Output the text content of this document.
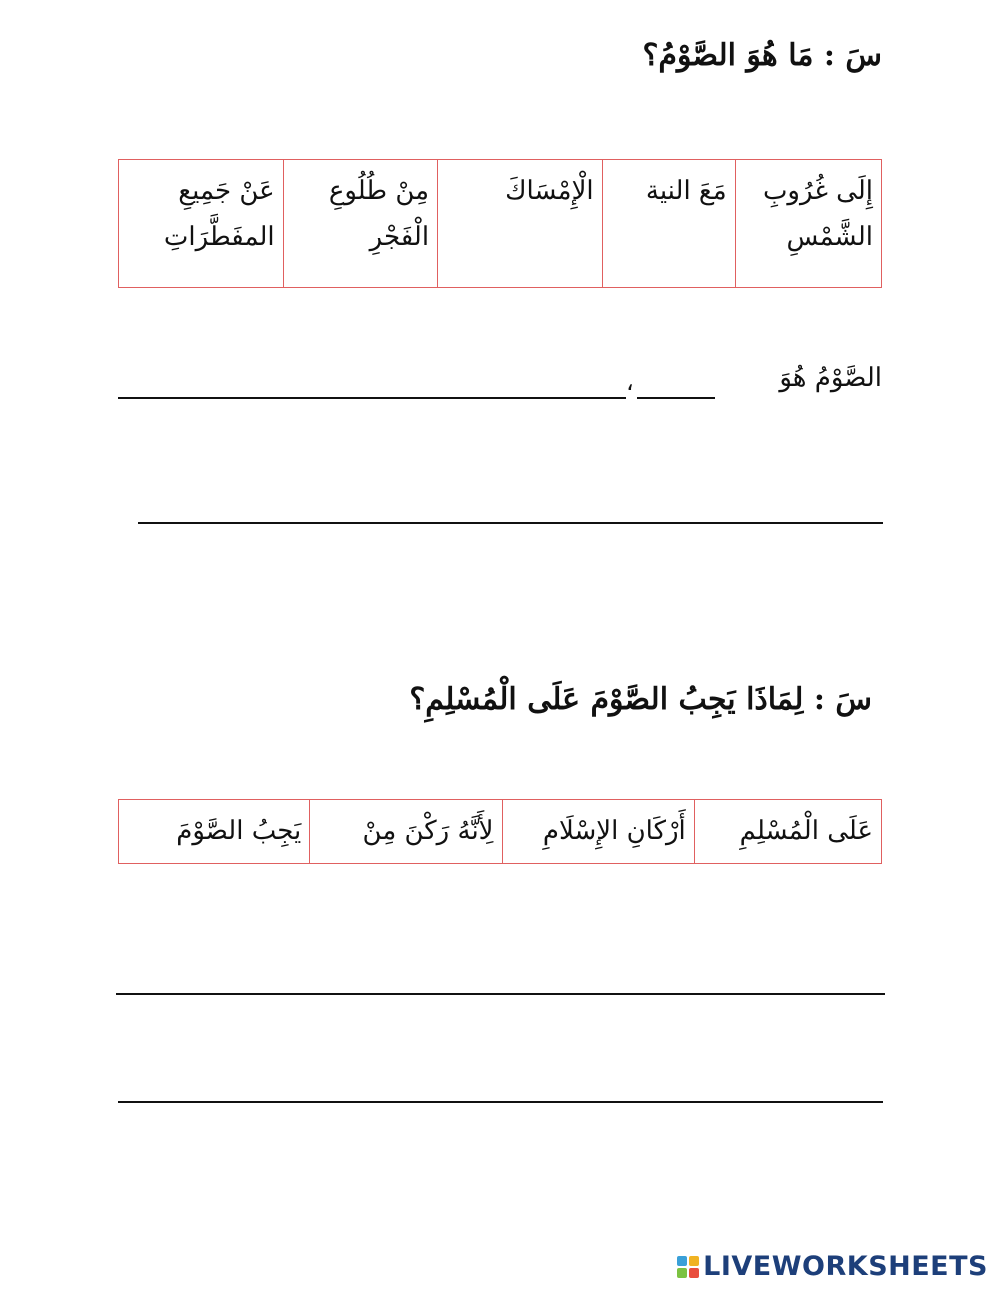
سَ : مَا هُوَ الصَّوْمُ؟
إِلَى غُرُوبِ الشَّمْسِ	مَعَ النية	الْإِمْسَاكَ	مِنْ طُلُوعِ الْفَجْرِ	عَنْ جَمِيعِ المفَطَّرَاتِ
الصَّوْمُ هُوَ
،
سَ : لِمَاذَا يَجِبُ الصَّوْمَ عَلَى الْمُسْلِمِ؟
عَلَى الْمُسْلِمِ	أَرْكَانِ الإِسْلَامِ	لِأَنَّهُ رَكْنَ مِنْ	يَجِبُ الصَّوْمَ
LIVEWORKSHEETS
